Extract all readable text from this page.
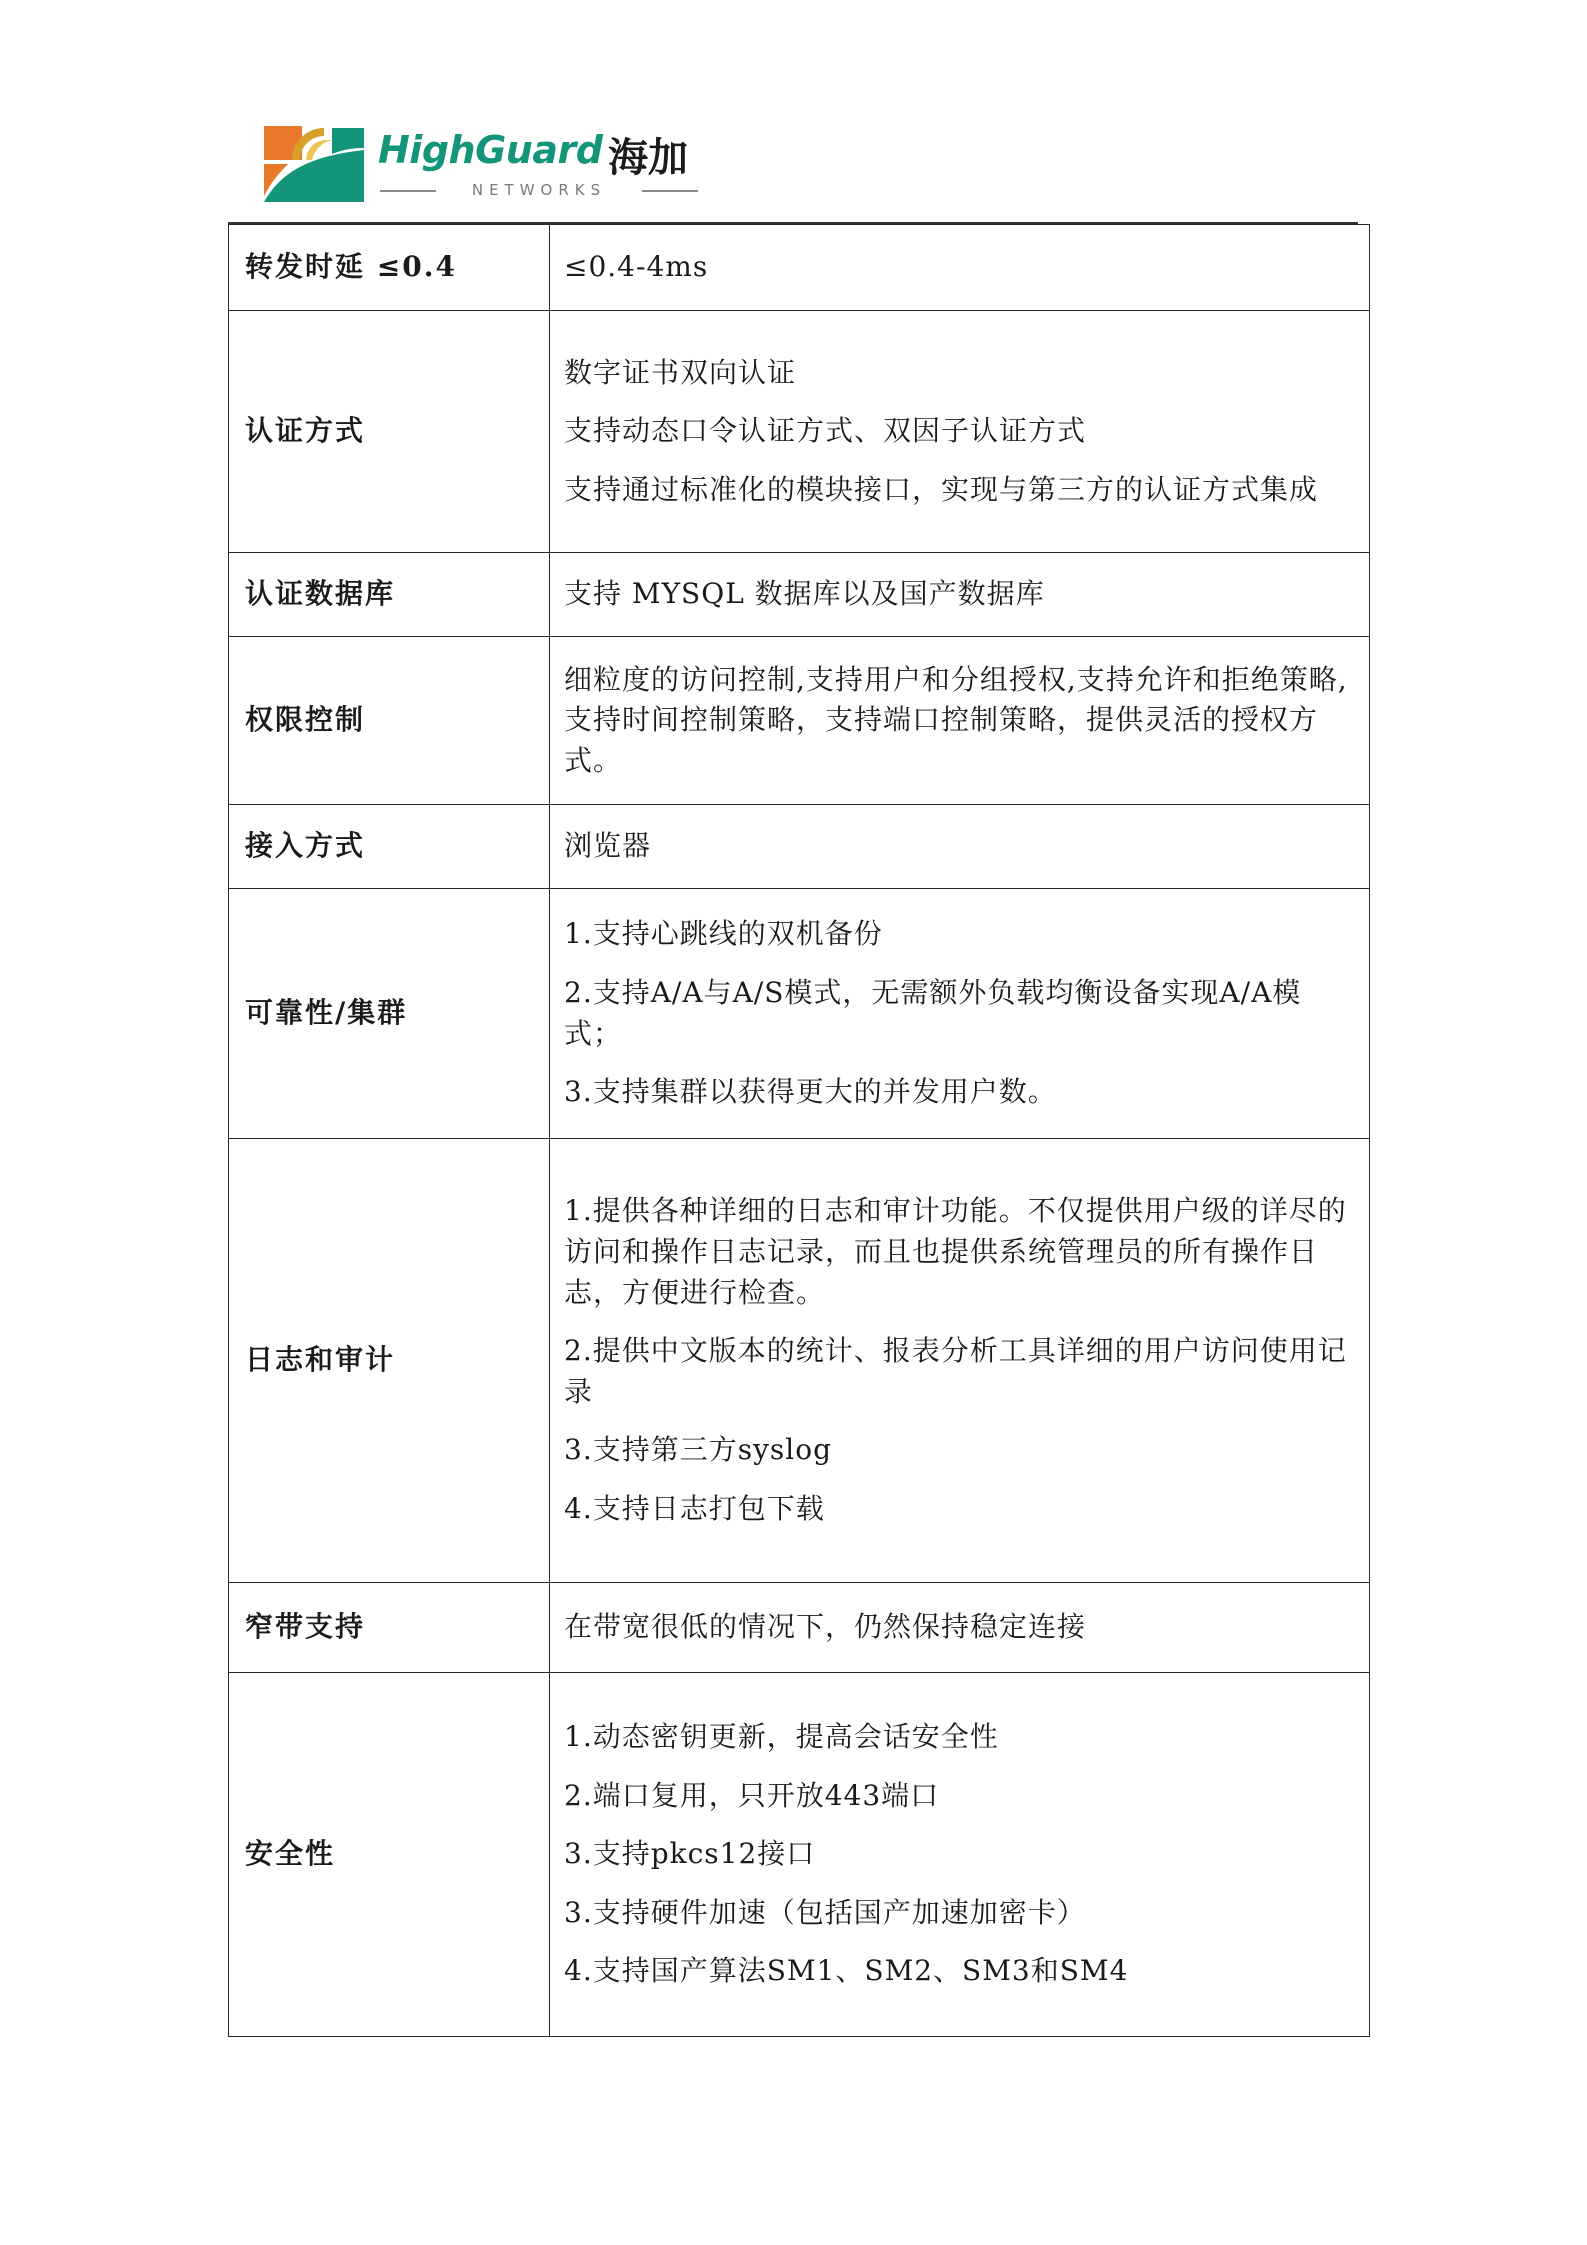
HighGuard 海加
NETWORKS
转发时延 ≤0.4	≤0.4-4ms

认证方式	数字证书双向认证

支持动态口令认证方式、双因子认证方式

支持通过标准化的模块接口，实现与第三方的认证方式集成

认证数据库	支持 MYSQL 数据库以及国产数据库

权限控制	细粒度的访问控制,支持用户和分组授权,支持允许和拒绝策略,支持时间控制策略，支持端口控制策略，提供灵活的授权方式。

接入方式	浏览器

可靠性/集群	1.支持心跳线的双机备份

2.支持A/A与A/S模式，无需额外负载均衡设备实现A/A模式；

3.支持集群以获得更大的并发用户数。

日志和审计	1.提供各种详细的日志和审计功能。不仅提供用户级的详尽的访问和操作日志记录，而且也提供系统管理员的所有操作日志，方便进行检查。

2.提供中文版本的统计、报表分析工具详细的用户访问使用记录

3.支持第三方syslog

4.支持日志打包下载

窄带支持	在带宽很低的情况下，仍然保持稳定连接

安全性	1.动态密钥更新，提高会话安全性

2.端口复用，只开放443端口

3.支持pkcs12接口

3.支持硬件加速（包括国产加速加密卡）

4.支持国产算法SM1、SM2、SM3和SM4
